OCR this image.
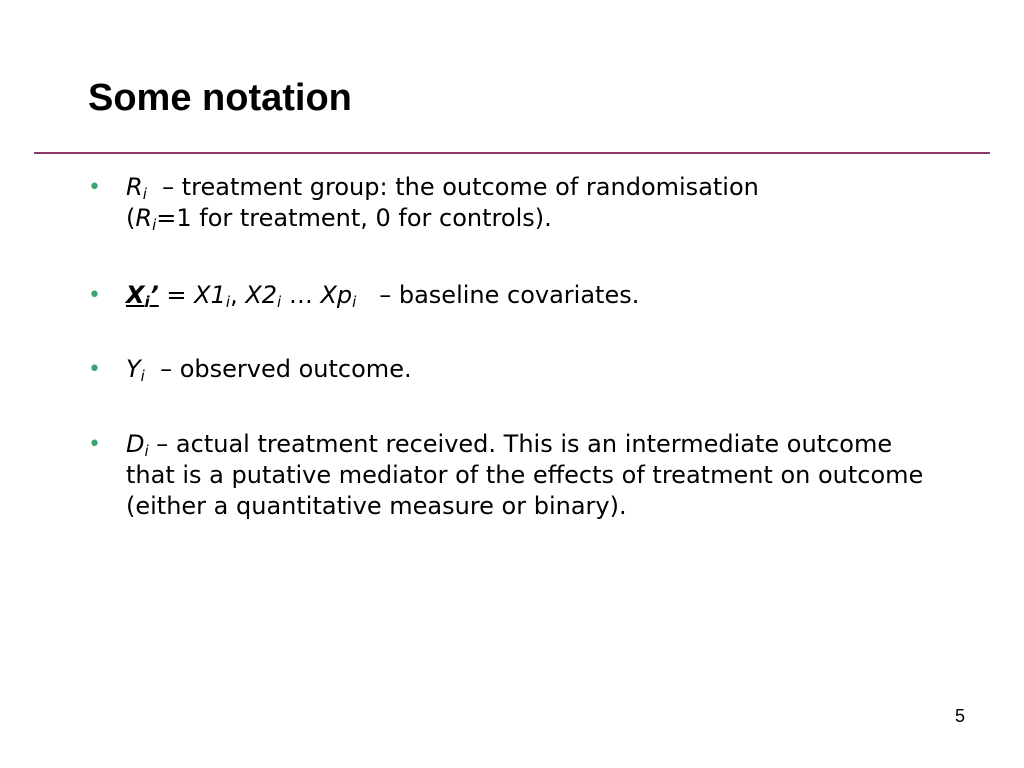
Some notation
• $R_i$ – treatment group: the outcome of randomisation
($R_i=1$ for treatment, 0 for controls).
• $X_i$’ = $X1_i$, $X2_i$ … $Xp_i$ – baseline covariates.
• $Y_i$ – observed outcome.
• $D_i$ – actual treatment received. This is an intermediate outcome that is a putative mediator of the effects of treatment on outcome (either a quantitative measure or binary).
5
